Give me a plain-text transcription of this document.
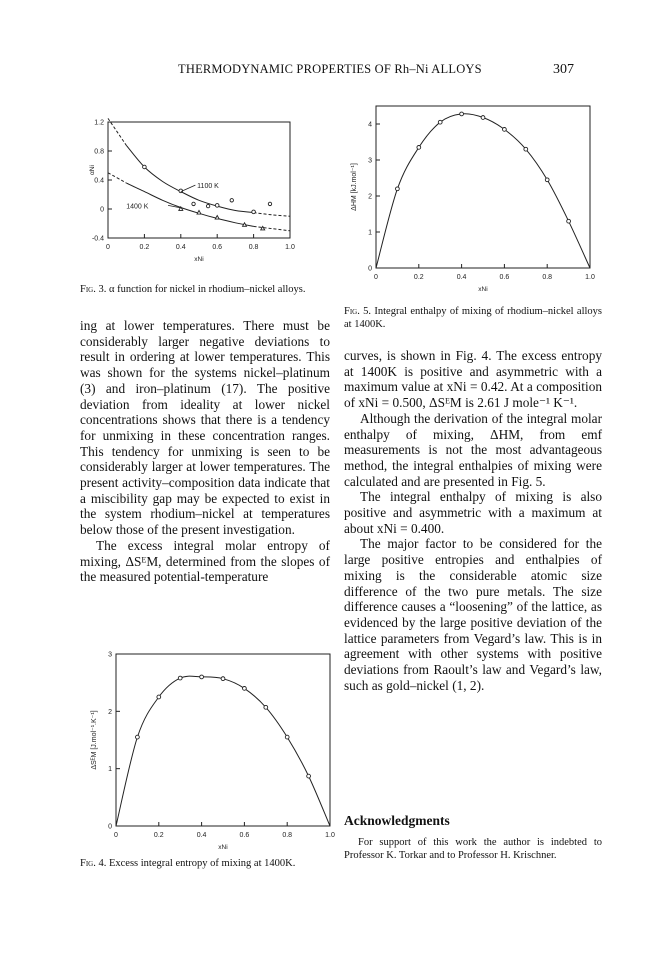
THERMODYNAMIC PROPERTIES OF Rh–Ni ALLOYS	307
0	0.2	0.4	0.6	0.8	1.0
1.2
0.8
0.4
0
-0.4
xNi
αNi
1100 K
1400 K
Fig. 3. α function for nickel in rhodium–nickel alloys.
0	0.2	0.4	0.6	0.8	1.0
4
3
2
1
0
xNi
ΔHM [kJ.mol⁻¹]
Fig. 5. Integral enthalpy of mixing of rhodium–nickel alloys at 1400K.

ing at lower temperatures. There must be considerably larger negative deviations to result in ordering at lower temperatures. This was shown for the systems nickel–platinum (3) and iron–platinum (17). The positive deviation from ideality at lower nickel concentrations shows that there is a tendency for unmixing in these concentration ranges. This tendency for unmixing is seen to be considerably larger at lower temperatures. The present activity–composition data indicate that a miscibility gap may be expected to exist in the system rhodium–nickel at temperatures below those of the present investigation.

The excess integral molar entropy of mixing, ΔSᴱM, determined from the slopes of the measured potential-temperature

0	0.2	0.4	0.6	0.8	1.0
3
2
1
0
xNi
ΔSᴱM [J.mol⁻¹.K⁻¹]
Fig. 4. Excess integral entropy of mixing at 1400K.

curves, is shown in Fig. 4. The excess entropy at 1400K is positive and asymmetric with a maximum value at xNi = 0.42. At a composition of xNi = 0.500, ΔSᴱM is 2.61 J mole⁻¹ K⁻¹.

Although the derivation of the integral molar enthalpy of mixing, ΔHM, from emf measurements is not the most advantageous method, the integral enthalpies of mixing were calculated and are presented in Fig. 5.

The integral enthalpy of mixing is also positive and asymmetric with a maximum at about xNi = 0.400.

The major factor to be considered for the large positive entropies and enthalpies of mixing is the considerable atomic size difference of the two pure metals. The size difference causes a “loosening” of the lattice, as evidenced by the large positive deviation of the lattice parameters from Vegard’s law. This is in agreement with other systems with positive deviations from Raoult’s law and Vegard’s law, such as gold–nickel (1, 2).

Acknowledgments
For support of this work the author is indebted to Professor K. Torkar and to Professor H. Krischner.
